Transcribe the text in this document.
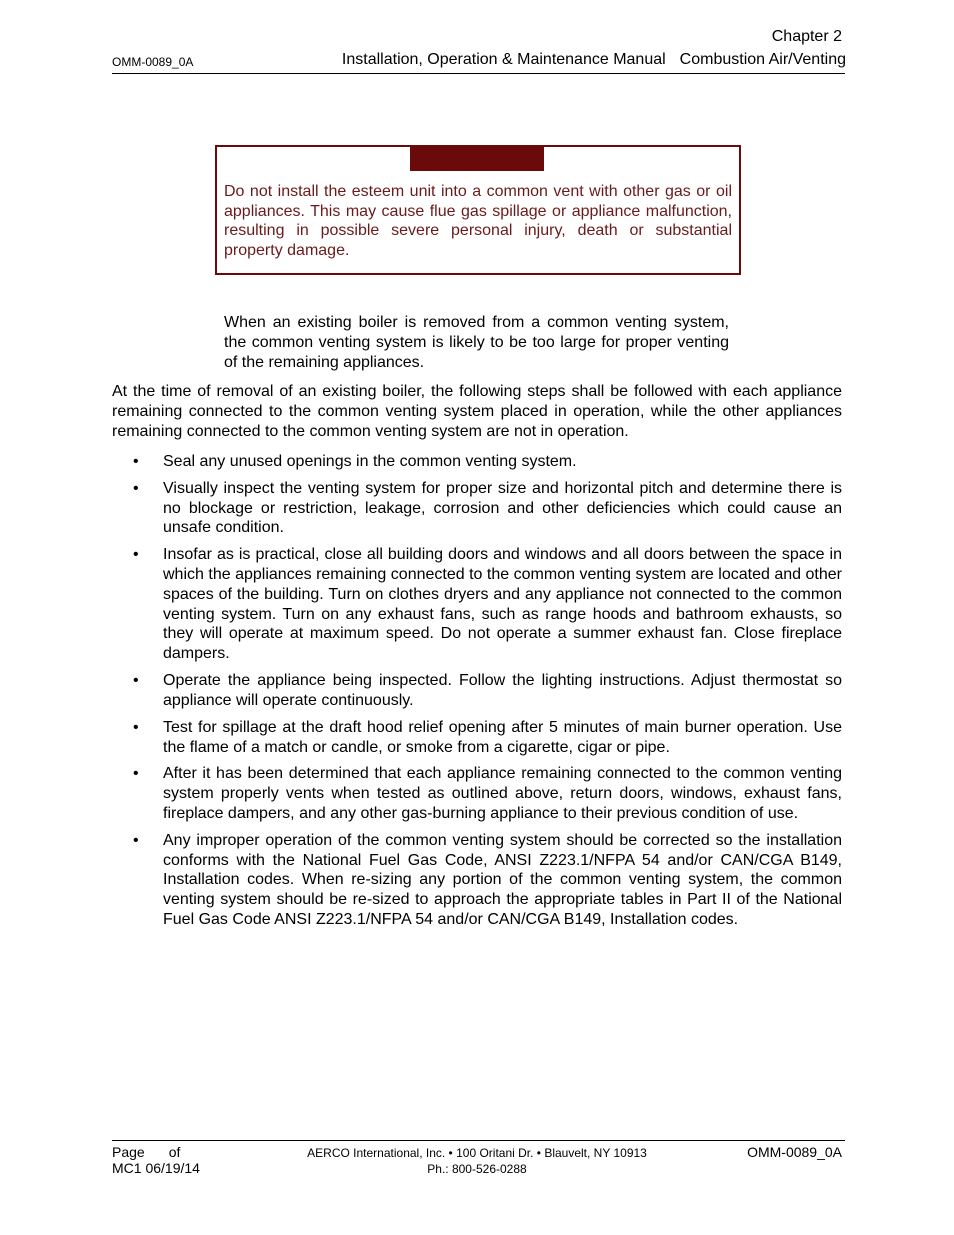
Chapter 2
OMM-0089_0A	Installation, Operation & Maintenance Manual Combustion Air/Venting
Do not install the esteem unit into a common vent with other gas or oil appliances. This may cause flue gas spillage or appliance malfunction, resulting in possible severe personal injury, death or substantial property damage.
When an existing boiler is removed from a common venting system, the common venting system is likely to be too large for proper venting of the remaining appliances.
At the time of removal of an existing boiler, the following steps shall be followed with each appliance remaining connected to the common venting system placed in operation, while the other appliances remaining connected to the common venting system are not in operation.
• Seal any unused openings in the common venting system.
• Visually inspect the venting system for proper size and horizontal pitch and determine there is no blockage or restriction, leakage, corrosion and other deficiencies which could cause an unsafe condition.
• Insofar as is practical, close all building doors and windows and all doors between the space in which the appliances remaining connected to the common venting system are located and other spaces of the building. Turn on clothes dryers and any appliance not connected to the common venting system. Turn on any exhaust fans, such as range hoods and bathroom exhausts, so they will operate at maximum speed. Do not operate a summer exhaust fan. Close fireplace dampers.
• Operate the appliance being inspected. Follow the lighting instructions. Adjust thermostat so appliance will operate continuously.
• Test for spillage at the draft hood relief opening after 5 minutes of main burner operation. Use the flame of a match or candle, or smoke from a cigarette, cigar or pipe.
• After it has been determined that each appliance remaining connected to the common venting system properly vents when tested as outlined above, return doors, windows, exhaust fans, fireplace dampers, and any other gas-burning appliance to their previous condition of use.
• Any improper operation of the common venting system should be corrected so the installation conforms with the National Fuel Gas Code, ANSI Z223.1/NFPA 54 and/or CAN/CGA B149, Installation codes. When re-sizing any portion of the common venting system, the common venting system should be re-sized to approach the appropriate tables in Part II of the National Fuel Gas Code ANSI Z223.1/NFPA 54 and/or CAN/CGA B149, Installation codes.
Page of
MC1 06/19/14
AERCO International, Inc. • 100 Oritani Dr. • Blauvelt, NY 10913
Ph.: 800-526-0288
OMM-0089_0A
